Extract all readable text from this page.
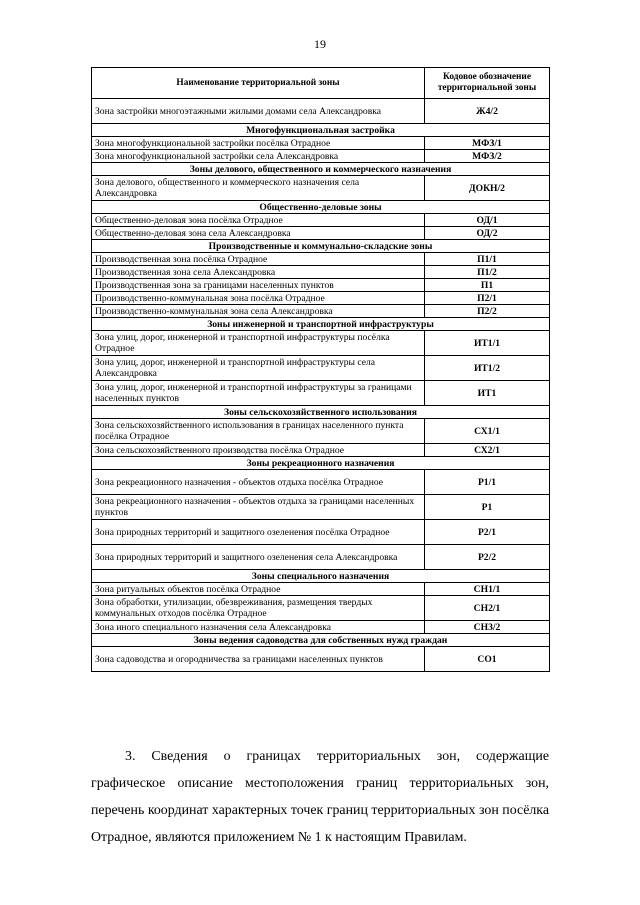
19
Наименование территориальной зоны	Кодовое обозначение территориальной зоны
Зона застройки многоэтажными жилыми домами села Александровка	Ж4/2
Многофункциональная застройка	
Зона многофункциональной застройки посёлка Отрадное	МФЗ/1
Зона многофункциональной застройки села Александровка	МФЗ/2
Зоны делового, общественного и коммерческого назначения	
Зона делового, общественного и коммерческого назначения села Александровка	ДОКН/2
Общественно-деловые зоны	
Общественно-деловая зона посёлка Отрадное	ОД/1
Общественно-деловая зона села Александровка	ОД/2
Производственные и коммунально-складские зоны	
Производственная зона посёлка Отрадное	П1/1
Производственная зона села Александровка	П1/2
Производственная зона за границами населенных пунктов	П1
Производственно-коммунальная зона посёлка Отрадное	П2/1
Производственно-коммунальная зона села Александровка	П2/2
Зоны инженерной и транспортной инфраструктуры	
Зона улиц, дорог, инженерной и транспортной инфраструктуры посёлка Отрадное	ИТ1/1
Зона улиц, дорог, инженерной и транспортной инфраструктуры села Александровка	ИТ1/2
Зона улиц, дорог, инженерной и транспортной инфраструктуры за границами населенных пунктов	ИТ1
Зоны сельскохозяйственного использования	
Зона сельскохозяйственного использования в границах населенного пункта посёлка Отрадное	СХ1/1
Зона сельскохозяйственного производства посёлка Отрадное	СХ2/1
Зоны рекреационного назначения	
Зона рекреационного назначения - объектов отдыха посёлка Отрадное	Р1/1
Зона рекреационного назначения - объектов отдыха за границами населенных пунктов	Р1
Зона природных территорий и защитного озеленения посёлка Отрадное	Р2/1
Зона природных территорий и защитного озеленения села Александровка	Р2/2
Зоны специального назначения	
Зона ритуальных объектов посёлка Отрадное	СН1/1
Зона обработки, утилизации, обезвреживания, размещения твердых коммунальных отходов посёлка Отрадное	СН2/1
Зона иного специального назначения села Александровка	СН3/2
Зоны ведения садоводства для собственных нужд граждан	
Зона садоводства и огородничества за границами населенных пунктов	СО1

3. Сведения о границах территориальных зон, содержащие графическое описание местоположения границ территориальных зон, перечень координат характерных точек границ территориальных зон посёлка Отрадное, являются приложением № 1 к настоящим Правилам.
